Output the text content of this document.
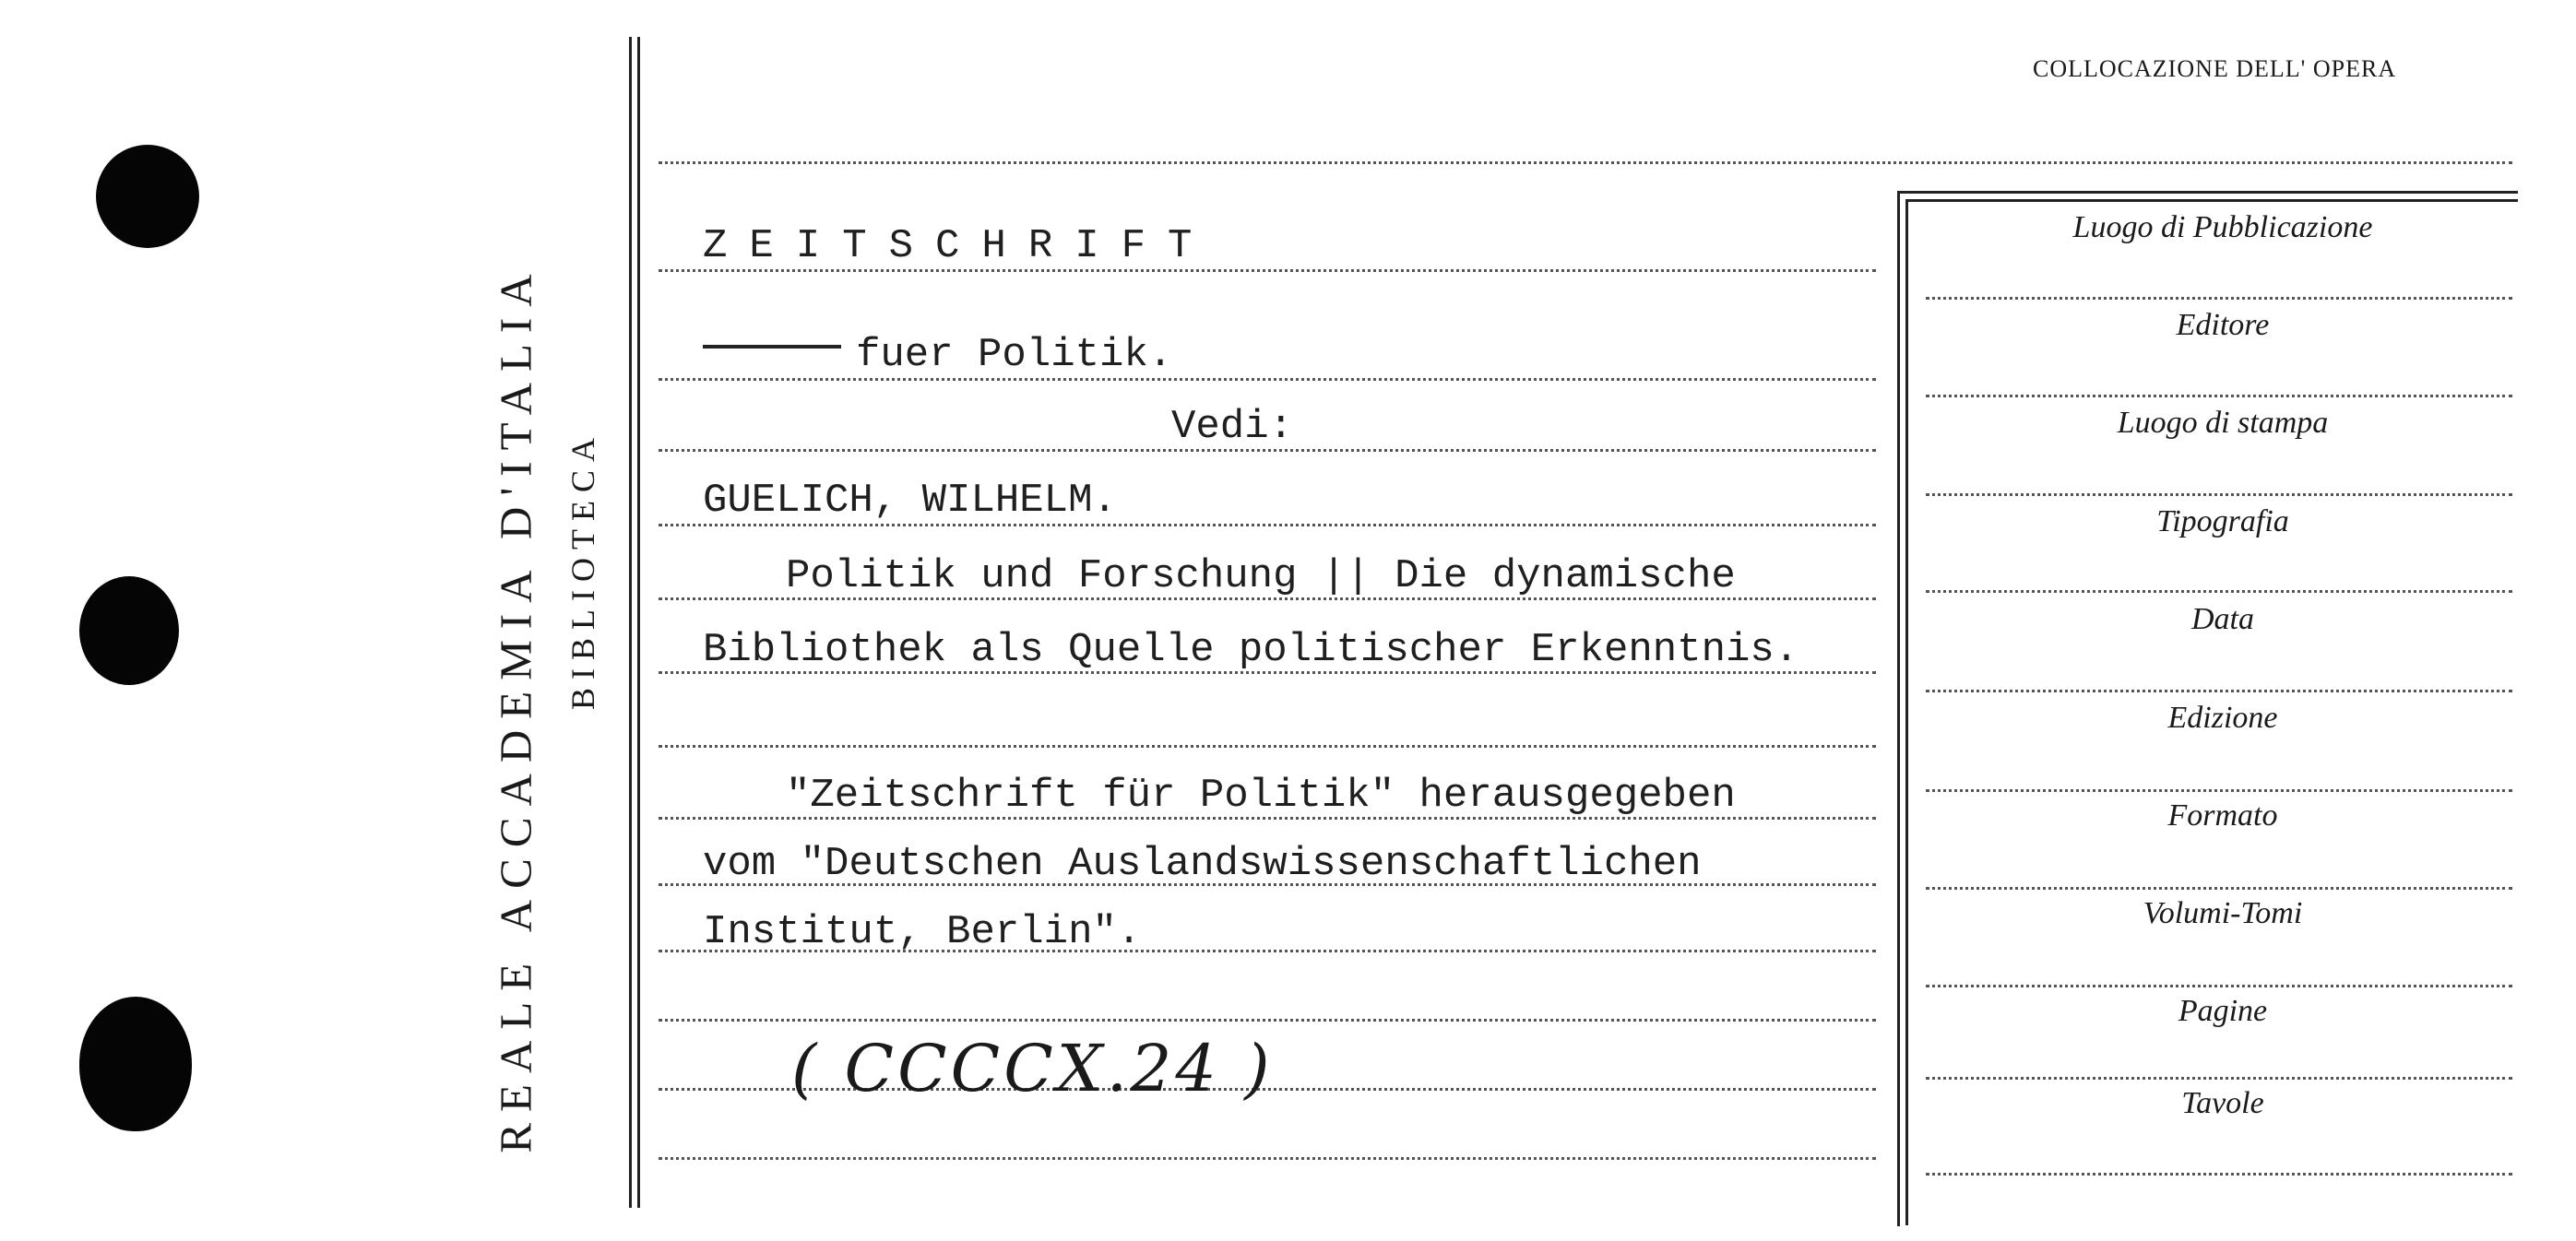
REALE ACCADEMIA D'ITALIA BIBLIOTECA
COLLOCAZIONE DELL' OPERA
ZEITSCHRIFT
fuer Politik.
Vedi:
GUELICH, WILHELM.
Politik und Forschung || Die dynamische
Bibliothek als Quelle politischer Erkenntnis.
"Zeitschrift für Politik" herausgegeben
vom "Deutschen Auslandswissenschaftlichen
Institut, Berlin".
( CCCCX.24 )
Luogo di Pubblicazione
Editore
Luogo di stampa
Tipografia
Data
Edizione
Formato
Volumi-Tomi
Pagine
Tavole
